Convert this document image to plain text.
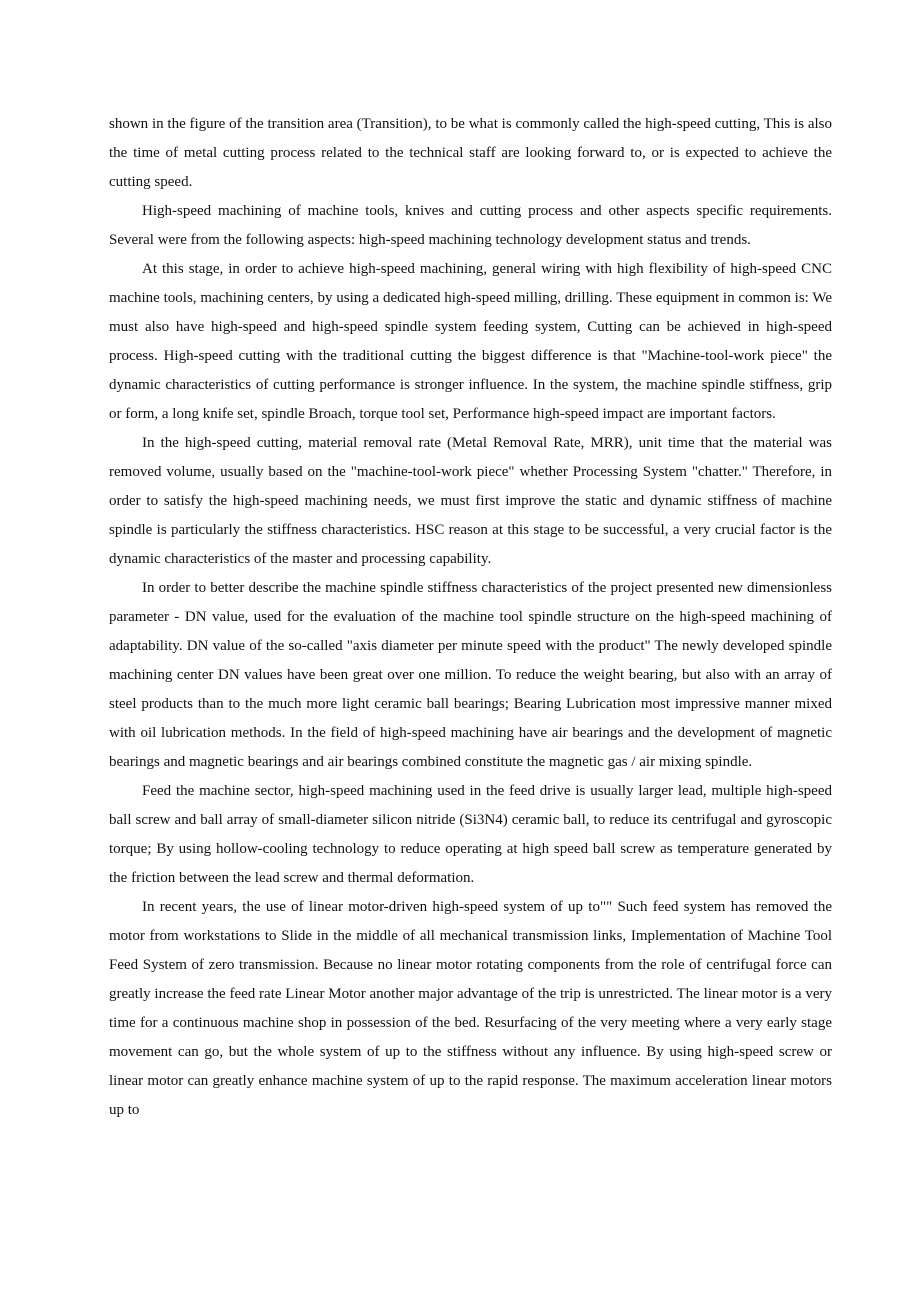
shown in the figure of the transition area (Transition), to be what is commonly called the high-speed cutting, This is also the time of metal cutting process related to the technical staff are looking forward to, or is expected to achieve the cutting speed.

High-speed machining of machine tools, knives and cutting process and other aspects specific requirements. Several were from the following aspects: high-speed machining technology development status and trends.

At this stage, in order to achieve high-speed machining, general wiring with high flexibility of high-speed CNC machine tools, machining centers, by using a dedicated high-speed milling, drilling. These equipment in common is: We must also have high-speed and high-speed spindle system feeding system, Cutting can be achieved in high-speed process. High-speed cutting with the traditional cutting the biggest difference is that "Machine-tool-work piece" the dynamic characteristics of cutting performance is stronger influence. In the system, the machine spindle stiffness, grip or form, a long knife set, spindle Broach, torque tool set, Performance high-speed impact are important factors.

In the high-speed cutting, material removal rate (Metal Removal Rate, MRR), unit time that the material was removed volume, usually based on the "machine-tool-work piece" whether Processing System "chatter." Therefore, in order to satisfy the high-speed machining needs, we must first improve the static and dynamic stiffness of machine spindle is particularly the stiffness characteristics. HSC reason at this stage to be successful, a very crucial factor is the dynamic characteristics of the master and processing capability.

In order to better describe the machine spindle stiffness characteristics of the project presented new dimensionless parameter - DN value, used for the evaluation of the machine tool spindle structure on the high-speed machining of adaptability. DN value of the so-called "axis diameter per minute speed with the product" The newly developed spindle machining center DN values have been great over one million. To reduce the weight bearing, but also with an array of steel products than to the much more light ceramic ball bearings; Bearing Lubrication most impressive manner mixed with oil lubrication methods. In the field of high-speed machining have air bearings and the development of magnetic bearings and magnetic bearings and air bearings combined constitute the magnetic gas / air mixing spindle.

Feed the machine sector, high-speed machining used in the feed drive is usually larger lead, multiple high-speed ball screw and ball array of small-diameter silicon nitride (Si3N4) ceramic ball, to reduce its centrifugal and gyroscopic torque; By using hollow-cooling technology to reduce operating at high speed ball screw as temperature generated by the friction between the lead screw and thermal deformation.

In recent years, the use of linear motor-driven high-speed system of up to"" Such feed system has removed the motor from workstations to Slide in the middle of all mechanical transmission links, Implementation of Machine Tool Feed System of zero transmission. Because no linear motor rotating components from the role of centrifugal force can greatly increase the feed rate Linear Motor another major advantage of the trip is unrestricted. The linear motor is a very time for a continuous machine shop in possession of the bed. Resurfacing of the very meeting where a very early stage movement can go, but the whole system of up to the stiffness without any influence. By using high-speed screw or linear motor can greatly enhance machine system of up to the rapid response. The maximum acceleration linear motors up to
